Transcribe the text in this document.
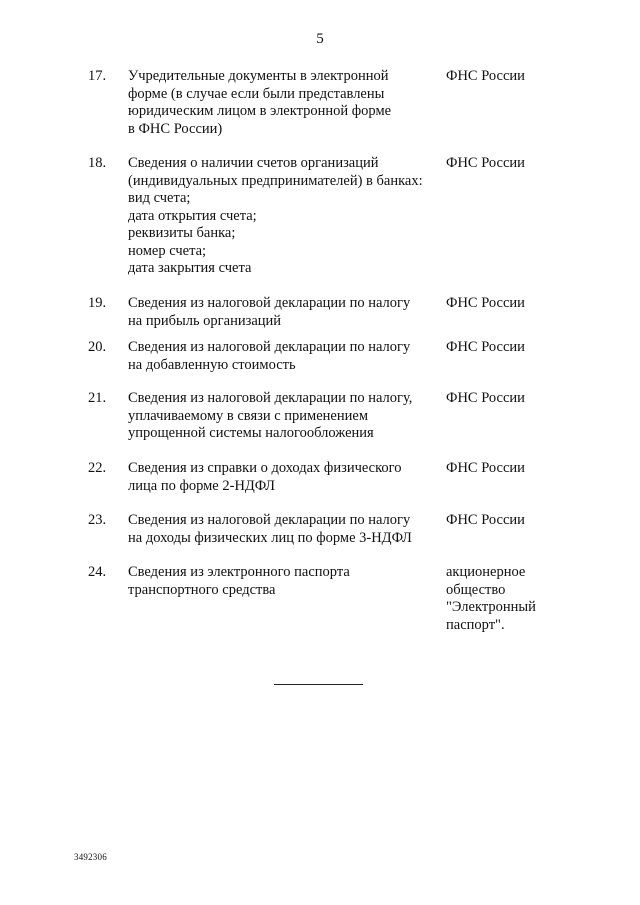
5
17. Учредительные документы в электронной
форме (в случае если были представлены
юридическим лицом в электронной форме
в ФНС России)
ФНС России
18. Сведения о наличии счетов организаций
(индивидуальных предпринимателей) в банках:
вид счета;
дата открытия счета;
реквизиты банка;
номер счета;
дата закрытия счета
ФНС России
19. Сведения из налоговой декларации по налогу
на прибыль организаций
ФНС России
20. Сведения из налоговой декларации по налогу
на добавленную стоимость
ФНС России
21. Сведения из налоговой декларации по налогу,
уплачиваемому в связи с применением
упрощенной системы налогообложения
ФНС России
22. Сведения из справки о доходах физического
лица по форме 2-НДФЛ
ФНС России
23. Сведения из налоговой декларации по налогу
на доходы физических лиц по форме 3-НДФЛ
ФНС России
24. Сведения из электронного паспорта
транспортного средства
акционерное
общество
"Электронный
паспорт".
3492306
